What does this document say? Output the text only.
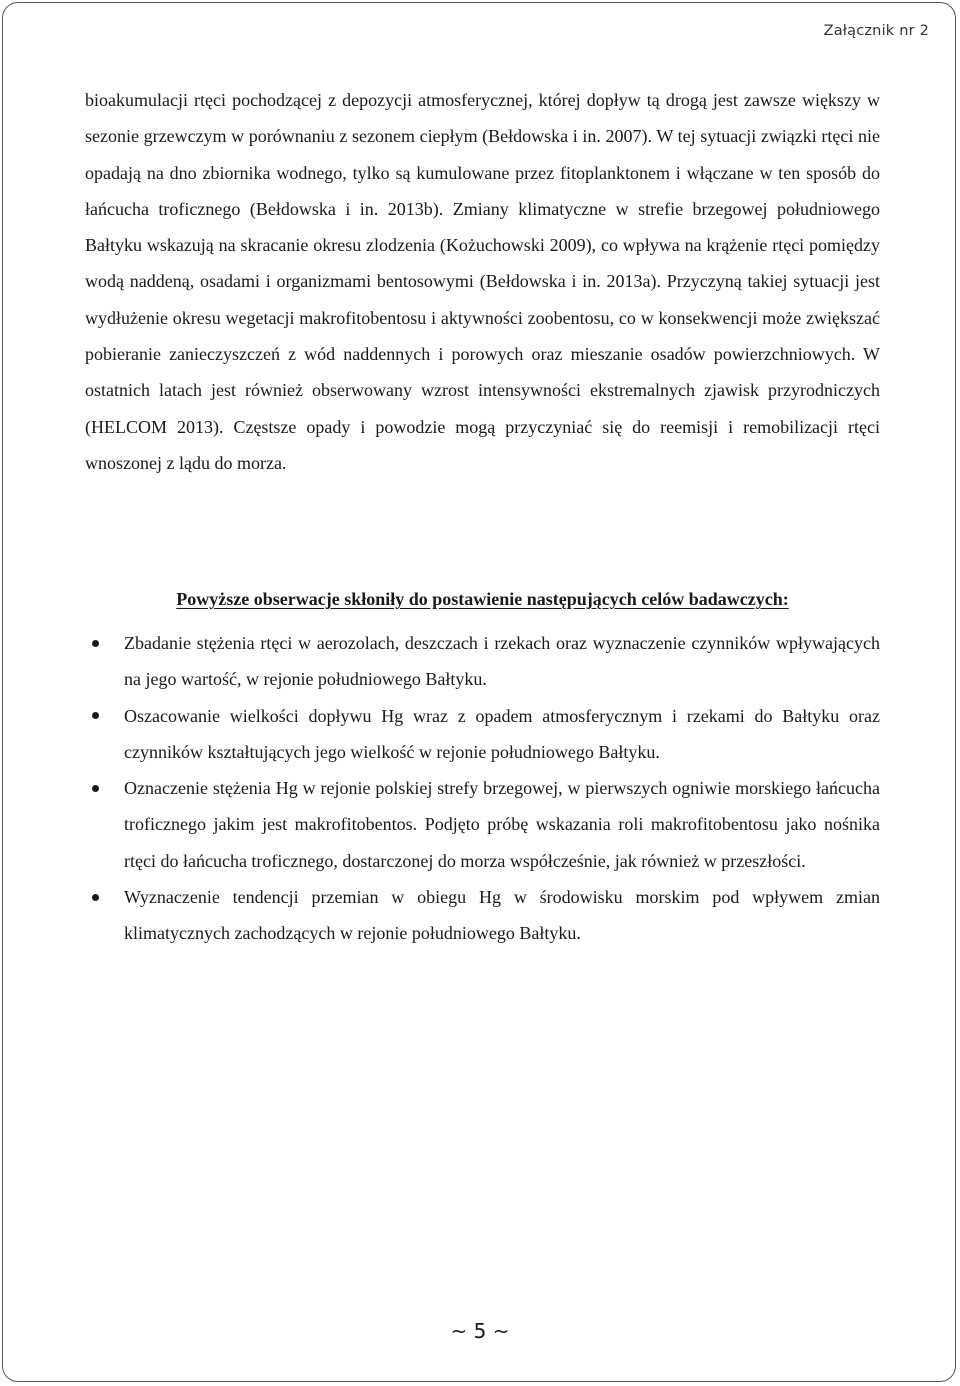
Załącznik nr 2

bioakumulacji rtęci pochodzącej z depozycji atmosferycznej, której dopływ tą drogą jest zawsze większy w sezonie grzewczym w porównaniu z sezonem ciepłym (Bełdowska i in. 2007). W tej sytuacji związki rtęci nie opadają na dno zbiornika wodnego, tylko są kumulowane przez fitoplanktonem i włączane w ten sposób do łańcucha troficznego (Bełdowska i in. 2013b). Zmiany klimatyczne w strefie brzegowej południowego Bałtyku wskazują na skracanie okresu zlodzenia (Kożuchowski 2009), co wpływa na krążenie rtęci pomiędzy wodą naddeną, osadami i organizmami bentosowymi (Bełdowska i in. 2013a). Przyczyną takiej sytuacji jest wydłużenie okresu wegetacji makrofitobentosu i aktywności zoobentosu, co w konsekwencji może zwiększać pobieranie zanieczyszczeń z wód naddennych i porowych oraz mieszanie osadów powierzchniowych. W ostatnich latach jest również obserwowany wzrost intensywności ekstremalnych zjawisk przyrodniczych (HELCOM 2013). Częstsze opady i powodzie mogą przyczyniać się do reemisji i remobilizacji rtęci wnoszonej z lądu do morza.

Powyższe obserwacje skłoniły do postawienie następujących celów badawczych:

Zbadanie stężenia rtęci w aerozolach, deszczach i rzekach oraz wyznaczenie czynników wpływających na jego wartość, w rejonie południowego Bałtyku.
Oszacowanie wielkości dopływu Hg wraz z opadem atmosferycznym i rzekami do Bałtyku oraz czynników kształtujących jego wielkość w rejonie południowego Bałtyku.
Oznaczenie stężenia Hg w rejonie polskiej strefy brzegowej, w pierwszych ogniwie morskiego łańcucha troficznego jakim jest makrofitobentos. Podjęto próbę wskazania roli makrofitobentosu jako nośnika rtęci do łańcucha troficznego, dostarczonej do morza współcześnie, jak również w przeszłości.
Wyznaczenie tendencji przemian w obiegu Hg w środowisku morskim pod wpływem zmian klimatycznych zachodzących w rejonie południowego Bałtyku.
~ 5 ~
